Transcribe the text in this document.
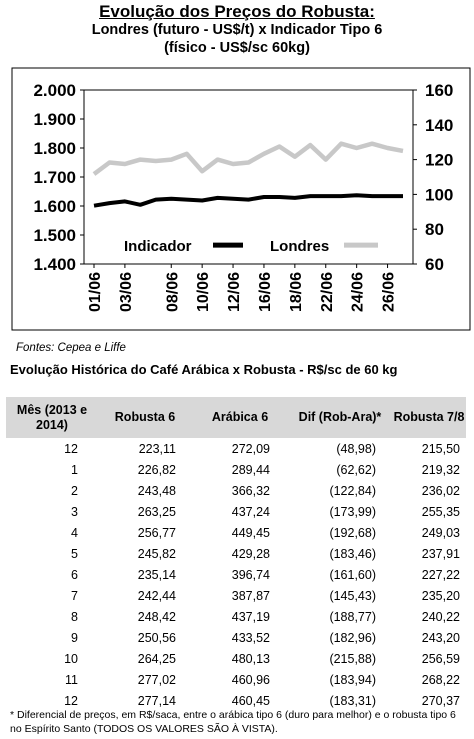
Evolução dos Preços do Robusta:
Londres (futuro - US$/t) x Indicador Tipo 6
(físico - US$/sc 60kg)
1.400
1.500
1.600
1.700
1.800
1.900
2.000
60
80
100
120
140
160
01/06 03/06 08/06 10/06 12/06 16/06 18/06 22/06 24/06 26/06
Indicador	Londres
Fontes: Cepea e Liffe
Evolução Histórica do Café Arábica x Robusta - R$/sc de 60 kg
Mês (2013 e 2014)	Robusta 6	Arábica 6	Dif (Rob-Ara)*	Robusta 7/8
12	223,11	272,09	(48,98)	215,50
1	226,82	289,44	(62,62)	219,32
2	243,48	366,32	(122,84)	236,02
3	263,25	437,24	(173,99)	255,35
4	256,77	449,45	(192,68)	249,03
5	245,82	429,28	(183,46)	237,91
6	235,14	396,74	(161,60)	227,22
7	242,44	387,87	(145,43)	235,20
8	248,42	437,19	(188,77)	240,22
9	250,56	433,52	(182,96)	243,20
10	264,25	480,13	(215,88)	256,59
11	277,02	460,96	(183,94)	268,22
12	277,14	460,45	(183,31)	270,37
* Diferencial de preços, em R$/saca, entre o arábica tipo 6 (duro para melhor) e o robusta tipo 6 no Espírito Santo (TODOS OS VALORES SÃO À VISTA).
